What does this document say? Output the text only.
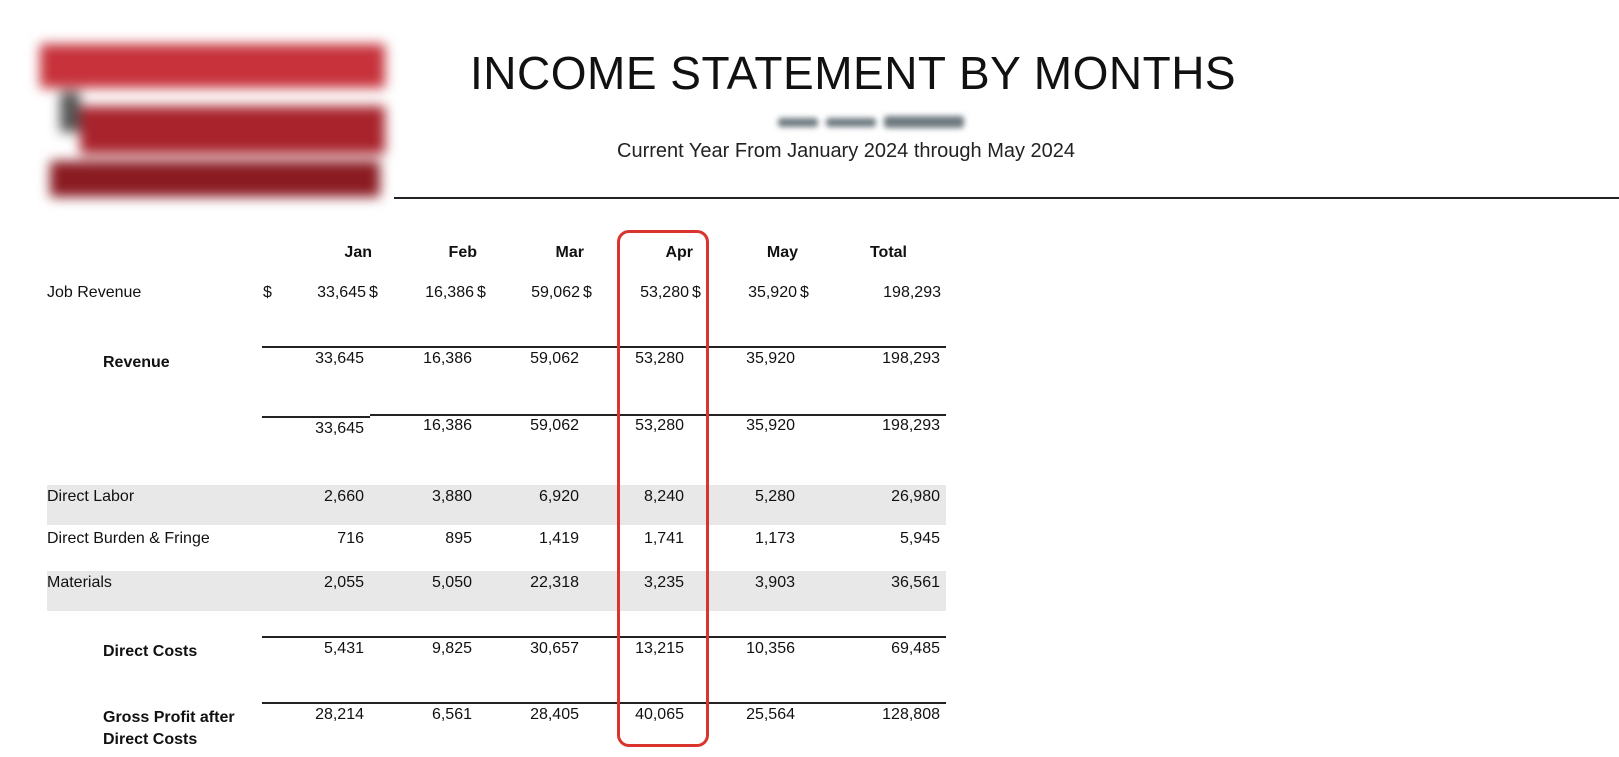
INCOME STATEMENT BY MONTHS
Current Year From January 2024 through May 2024
Jan	Feb	Mar	Apr	May	Total
Job Revenue	$	33,645 $	16,386 $	59,062 $	53,280 $	35,920 $	198,293
Revenue	33,645	16,386	59,062	53,280	35,920	198,293
33,645	16,386	59,062	53,280	35,920	198,293
Direct Labor	2,660	3,880	6,920	8,240	5,280	26,980
Direct Burden & Fringe	716	895	1,419	1,741	1,173	5,945
Materials	2,055	5,050	22,318	3,235	3,903	36,561
Direct Costs	5,431	9,825	30,657	13,215	10,356	69,485
Gross Profit after
Direct Costs
28,214	6,561	28,405	40,065	25,564	128,808
